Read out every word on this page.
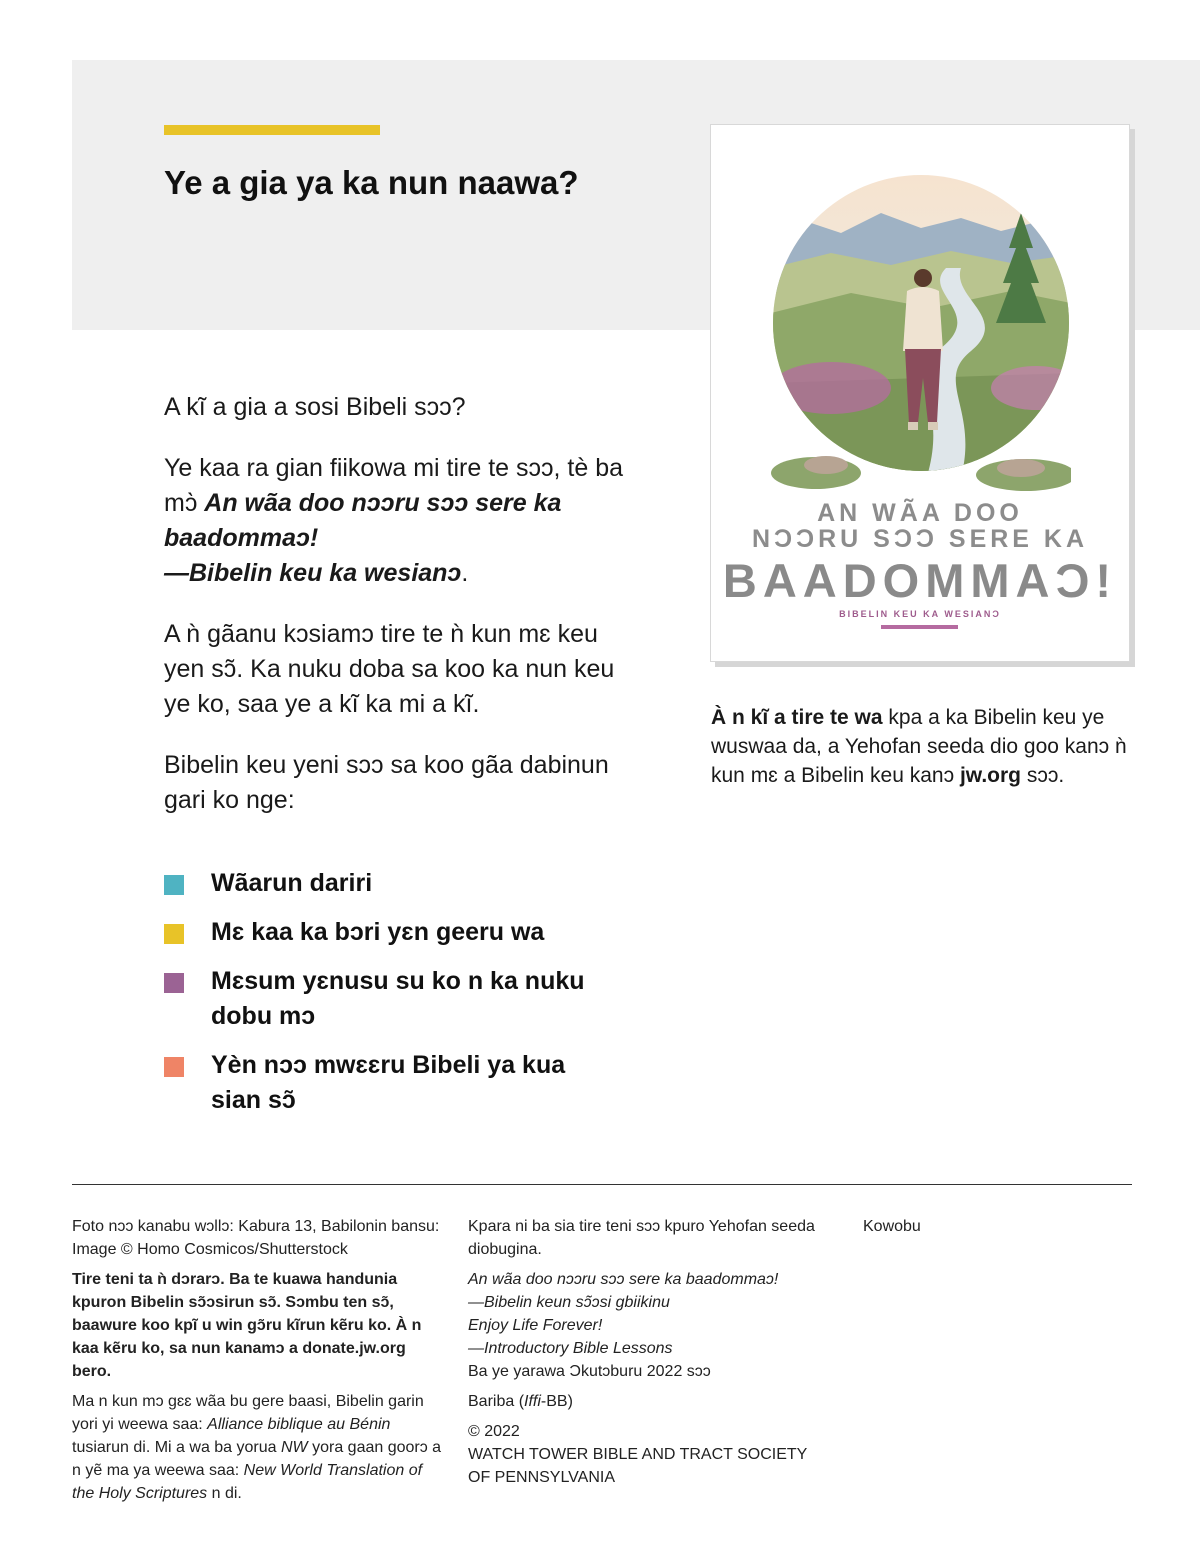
Ye a gia ya ka nun naawa?

A kĩ a gia a sosi Bibeli sɔɔ?

Ye kaa ra gian fiikowa mi tire te sɔɔ, tè ba mɔ̀ An wãa doo nɔɔru sɔɔ sere ka baadommaɔ!
—Bibelin keu ka wesianɔ.

A ǹ gãanu kɔsiamɔ tire te ǹ kun mɛ keu yen sɔ̃. Ka nuku doba sa koo ka nun keu ye ko, saa ye a kĩ ka mi a kĩ.

Bibelin keu yeni sɔɔ sa koo gãa dabinun gari ko nge:

Wãarun dariri
Mɛ kaa ka bɔri yɛn geeru wa
Mɛsum yɛnusu su ko n ka nuku dobu mɔ
Yèn nɔɔ mwɛɛru Bibeli ya kua sian sɔ̃
AN WÃA DOO
NƆƆRU SƆƆ SERE KA
BAADOMMAƆ!
BIBELIN KEU KA WESIANƆ
À n kĩ a tire te wa kpa a ka Bibelin keu ye wuswaa da, a Yehofan seeda dio goo kanɔ ǹ kun mɛ a Bibelin keu kanɔ jw.org sɔɔ.

Foto nɔɔ kanabu wɔllɔ: Kabura 13, Babilonin bansu: Image © Homo Cosmicos/Shutterstock

Tire teni ta ǹ dɔrarɔ. Ba te kuawa handunia kpuron Bibelin sɔ̃ɔsirun sɔ̃. Sɔmbu ten sɔ̃, baawure koo kpĩ u win gɔ̃ru kĩrun kẽru ko. À n kaa kẽru ko, sa nun kanamɔ a donate.jw.org bero.

Ma n kun mɔ gɛɛ wãa bu gere baasi, Bibelin garin yori yi weewa saa: Alliance biblique au Bénin tusiarun di. Mi a wa ba yorua NW yora gaan goorɔ a n yẽ ma ya weewa saa: New World Translation of the Holy Scriptures n di.

Kpara ni ba sia tire teni sɔɔ kpuro Yehofan seeda diobugina.

An wãa doo nɔɔru sɔɔ sere ka baadommaɔ!
—Bibelin keun sɔ̃ɔsi gbiikinu
Enjoy Life Forever!
—Introductory Bible Lessons
Ba ye yarawa Ɔkutɔburu 2022 sɔɔ

Bariba (Iffi-BB)

© 2022
WATCH TOWER BIBLE AND TRACT SOCIETY
OF PENNSYLVANIA

Kowobu
